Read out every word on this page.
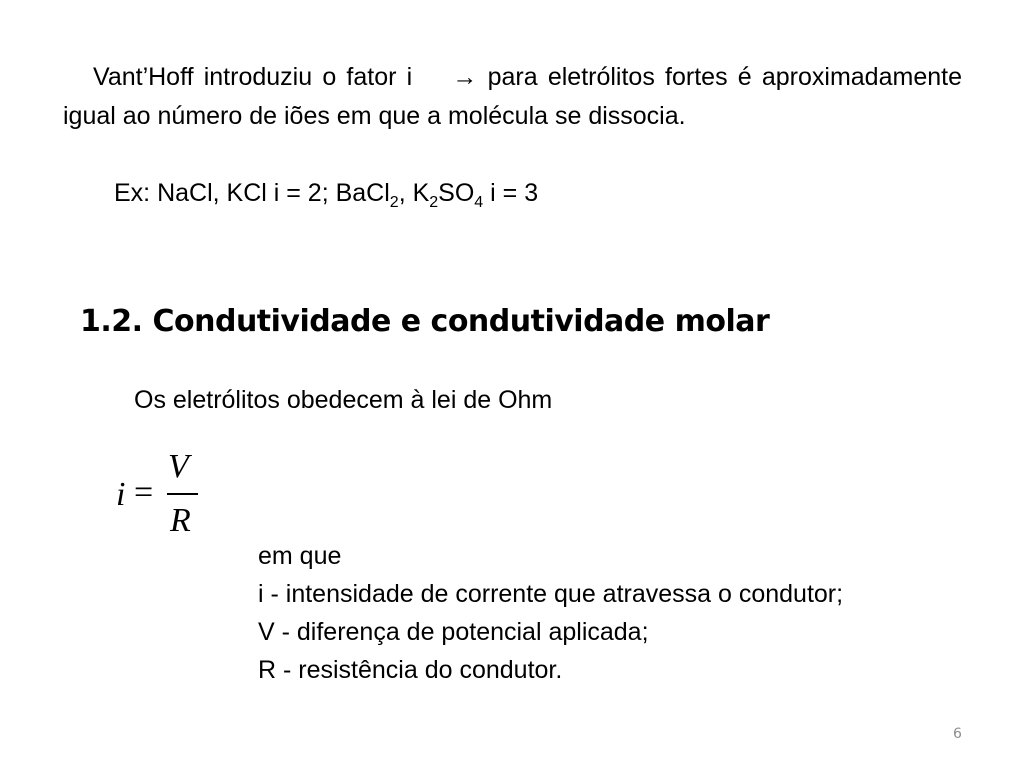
Vant’Hoff introduziu o fator i → para eletrólitos fortes é aproximadamente igual ao número de iões em que a molécula se dissocia.
Ex: NaCl, KCl i = 2; BaCl$_2$, $K_2SO_4$ i = 3
1.2. Condutividade e condutividade molar
Os eletrólitos obedecem à lei de Ohm
i =
V
R
em que
i - intensidade de corrente que atravessa o condutor;
V - diferença de potencial aplicada;
R - resistência do condutor.
6
